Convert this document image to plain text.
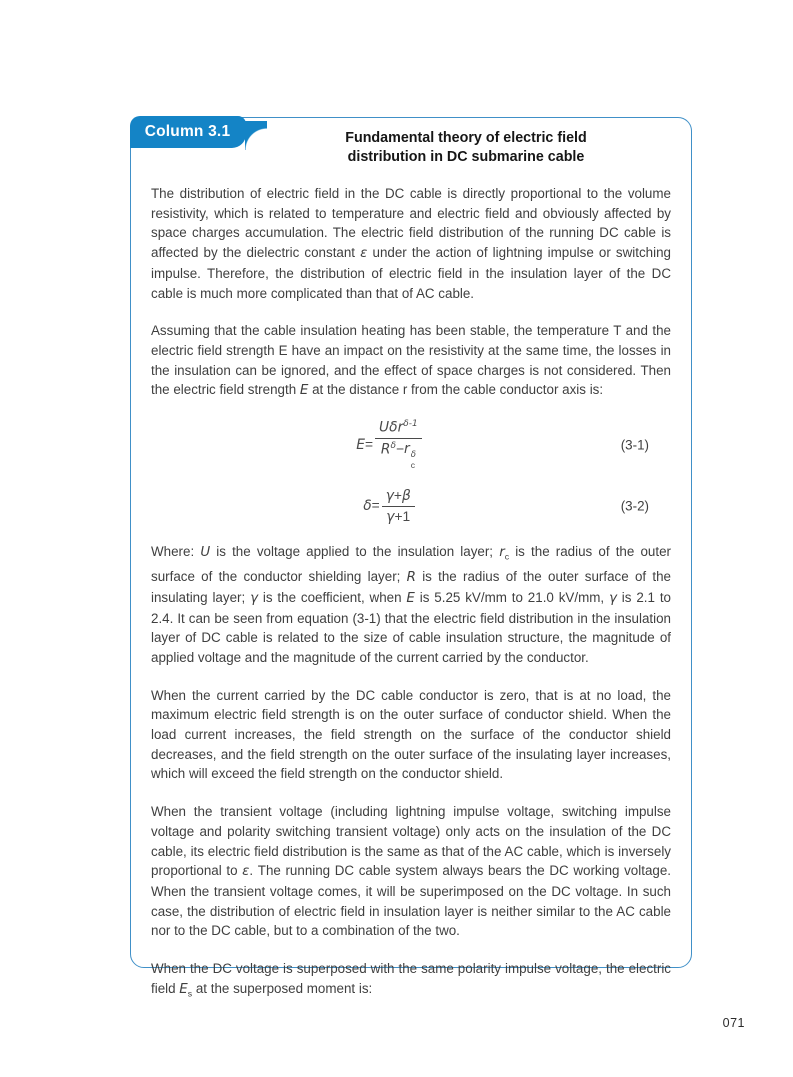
Column 3.1	Fundamental theory of electric field
distribution in DC submarine cable

The distribution of electric field in the DC cable is directly proportional to the volume resistivity, which is related to temperature and electric field and obviously affected by space charges accumulation. The electric field distribution of the running DC cable is affected by the dielectric constant ε under the action of lightning impulse or switching impulse. Therefore, the distribution of electric field in the insulation layer of the DC cable is much more complicated than that of AC cable.

Assuming that the cable insulation heating has been stable, the temperature T and the electric field strength E have an impact on the resistivity at the same time, the losses in the insulation can be ignored, and the effect of space charges is not considered. Then the electric field strength E at the distance r from the cable conductor axis is:

E= Uδr$^{\delta-1}$
$R^\delta-r$ δ
c	(3-1)
$\delta= \frac{\gamma+\beta}{\gamma+1}$	(3-2)

Where: U is the voltage applied to the insulation layer; $r_c$ is the radius of the outer surface of the conductor shielding layer; R is the radius of the outer surface of the insulating layer; γ is the coefficient, when E is 5.25 kV/mm to 21.0 kV/mm, γ is 2.1 to 2.4. It can be seen from equation (3-1) that the electric field distribution in the insulation layer of DC cable is related to the size of cable insulation structure, the magnitude of applied voltage and the magnitude of the current carried by the conductor.

When the current carried by the DC cable conductor is zero, that is at no load, the maximum electric field strength is on the outer surface of conductor shield. When the load current increases, the field strength on the surface of the conductor shield decreases, and the field strength on the outer surface of the insulating layer increases, which will exceed the field strength on the conductor shield.

When the transient voltage (including lightning impulse voltage, switching impulse voltage and polarity switching transient voltage) only acts on the insulation of the DC cable, its electric field distribution is the same as that of the AC cable, which is inversely proportional to ε. The running DC cable system always bears the DC working voltage. When the transient voltage comes, it will be superimposed on the DC voltage. In such case, the distribution of electric field in insulation layer is neither similar to the AC cable nor to the DC cable, but to a combination of the two.

When the DC voltage is superposed with the same polarity impulse voltage, the electric field $E_s$ at the superposed moment is:

071
